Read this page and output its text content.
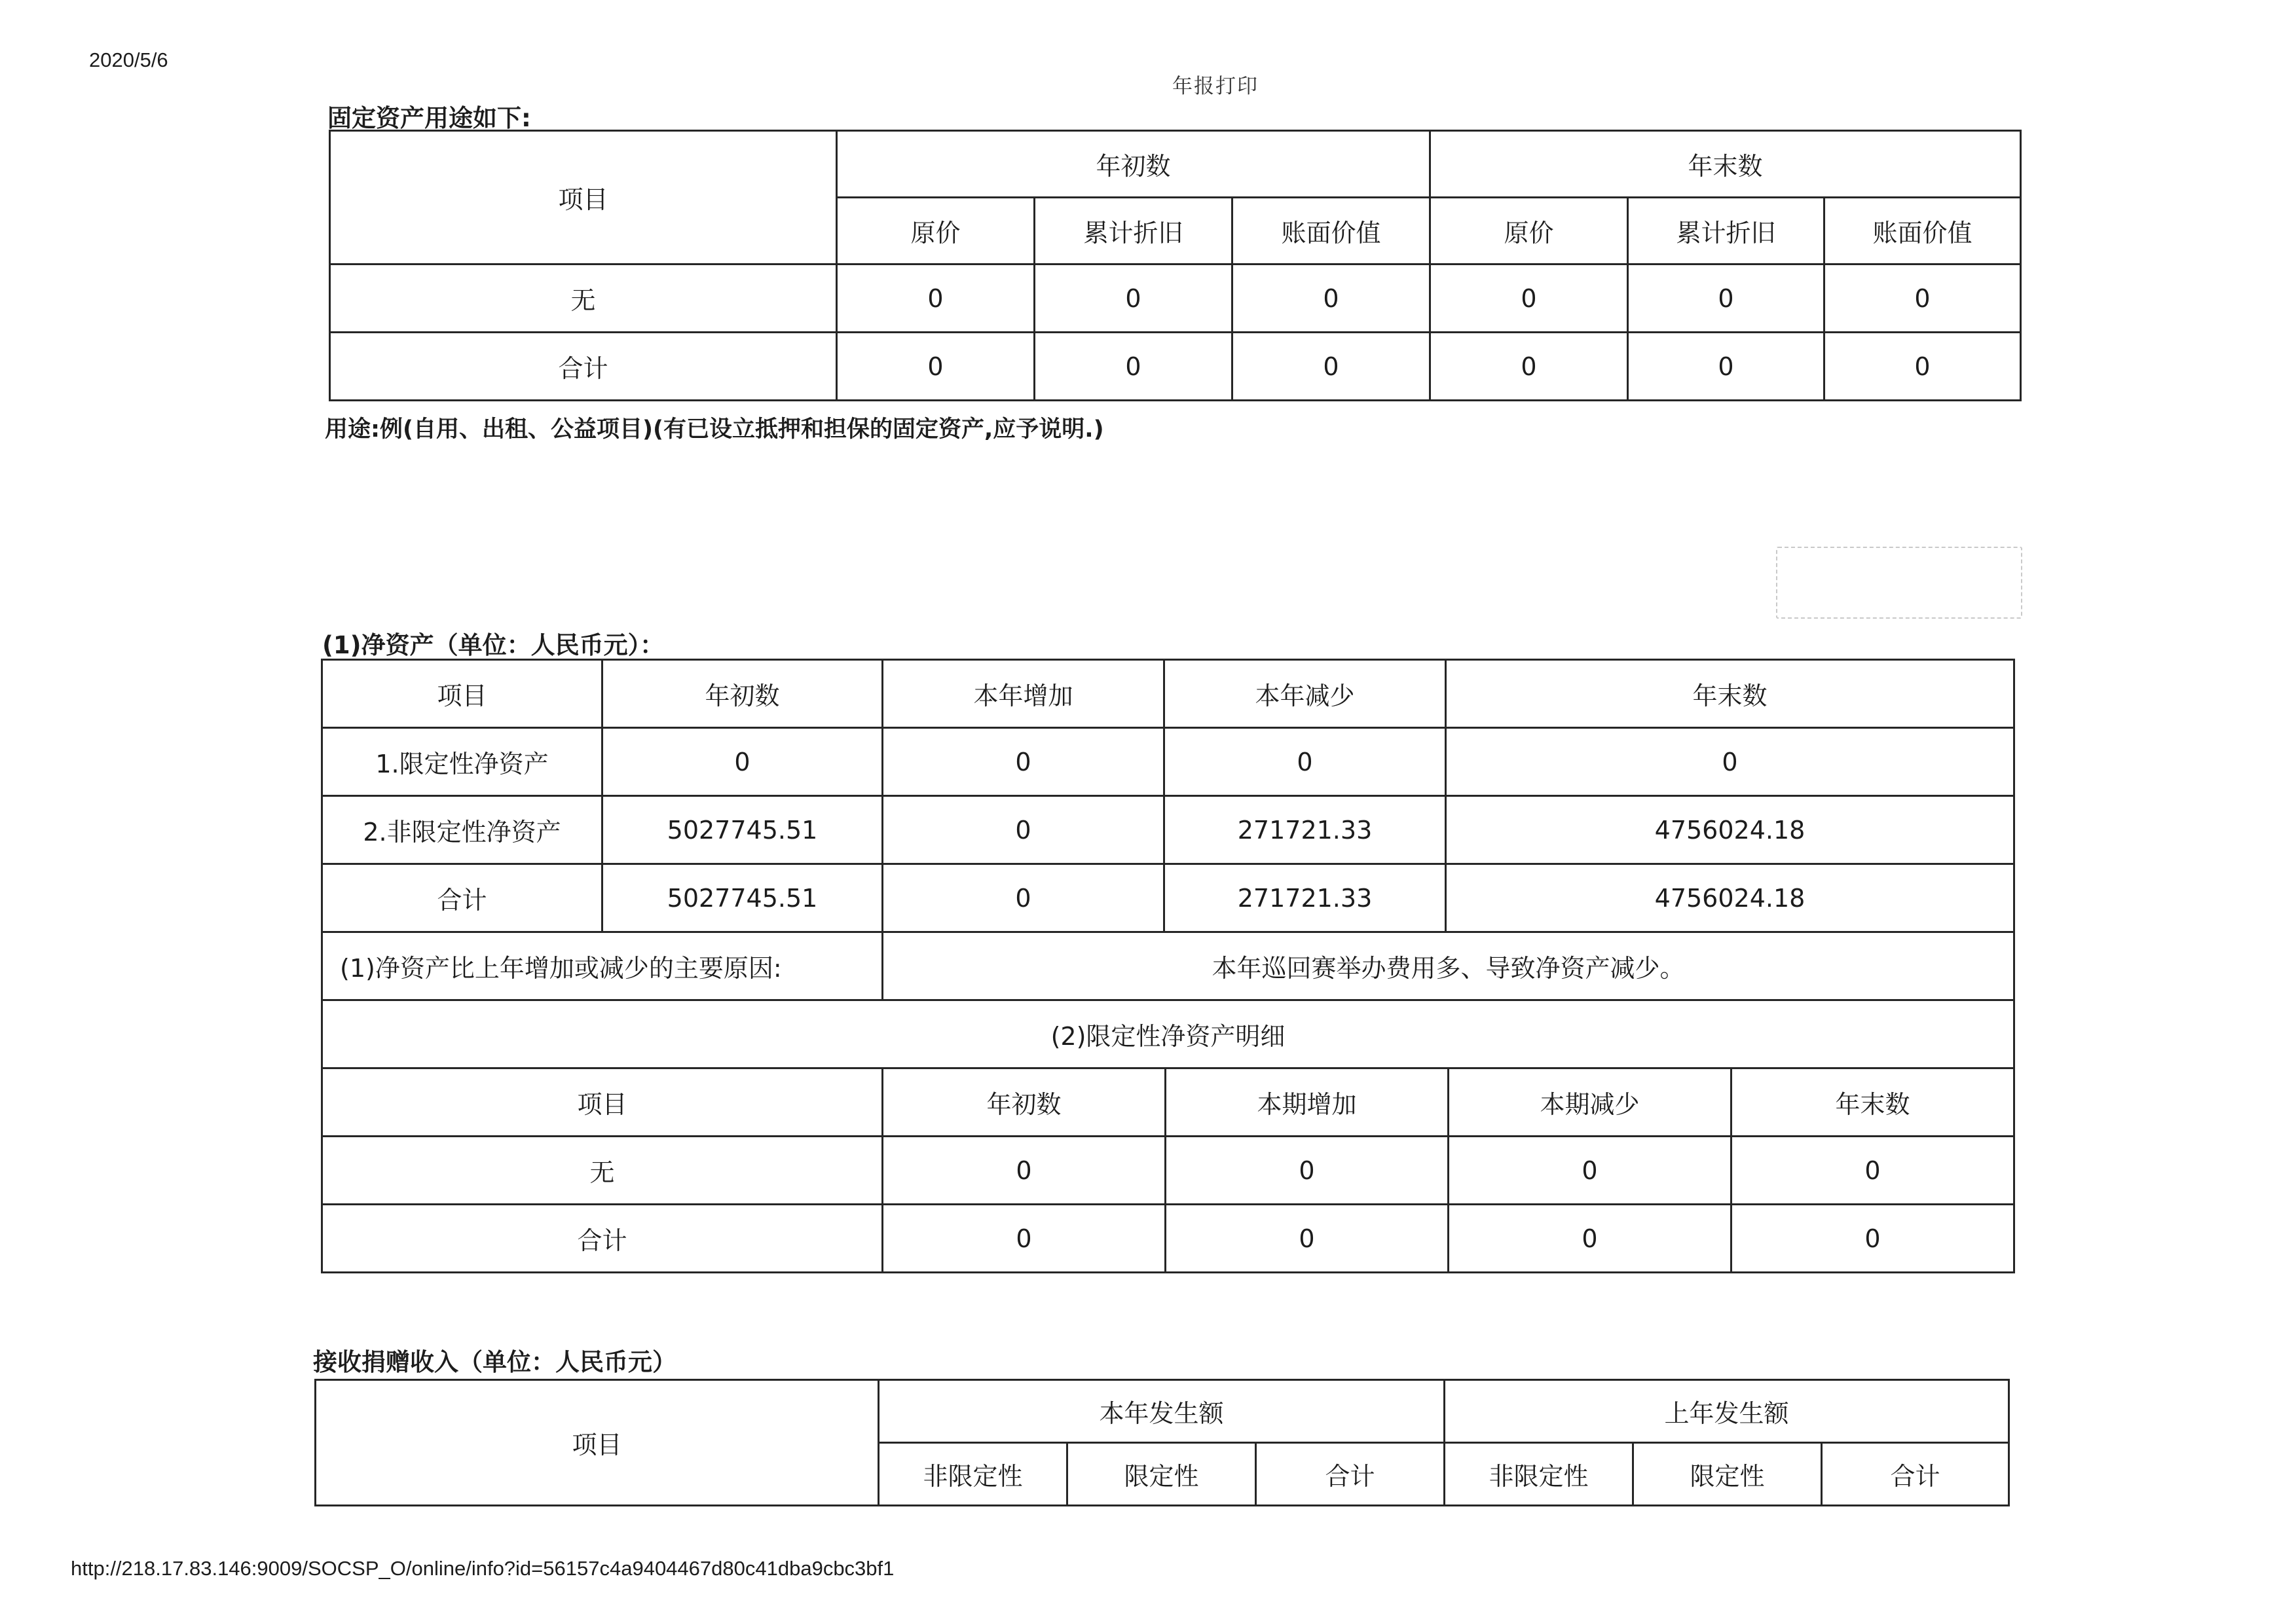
2020/5/6
年报打印
固定资产用途如下:
项目	年初数			年末数		
	原价	累计折旧	账面价值	原价	累计折旧	账面价值
无	0	0	0	0	0	0
合计	0	0	0	0	0	0
用途:例(自用、出租、公益项目)(有已设立抵押和担保的固定资产,应予说明.)
(1)净资产（单位：人民币元）：
项目	年初数	本年增加	本年减少	年末数
1.限定性净资产	0	0	0	0
2.非限定性净资产	5027745.51	0	271721.33	4756024.18
合计	5027745.51	0	271721.33	4756024.18
(1)净资产比上年增加或减少的主要原因:		本年巡回赛举办费用多、导致净资产减少。		
(2)限定性净资产明细				
项目	年初数	本期增加	本期减少	年末数
无	0	0	0	0
合计	0	0	0	0
接收捐赠收入（单位：人民币元）
项目	本年发生额			上年发生额		
	非限定性	限定性	合计	非限定性	限定性	合计
http://218.17.83.146:9009/SOCSP_O/online/info?id=56157c4a9404467d80c41dba9cbc3bf1
